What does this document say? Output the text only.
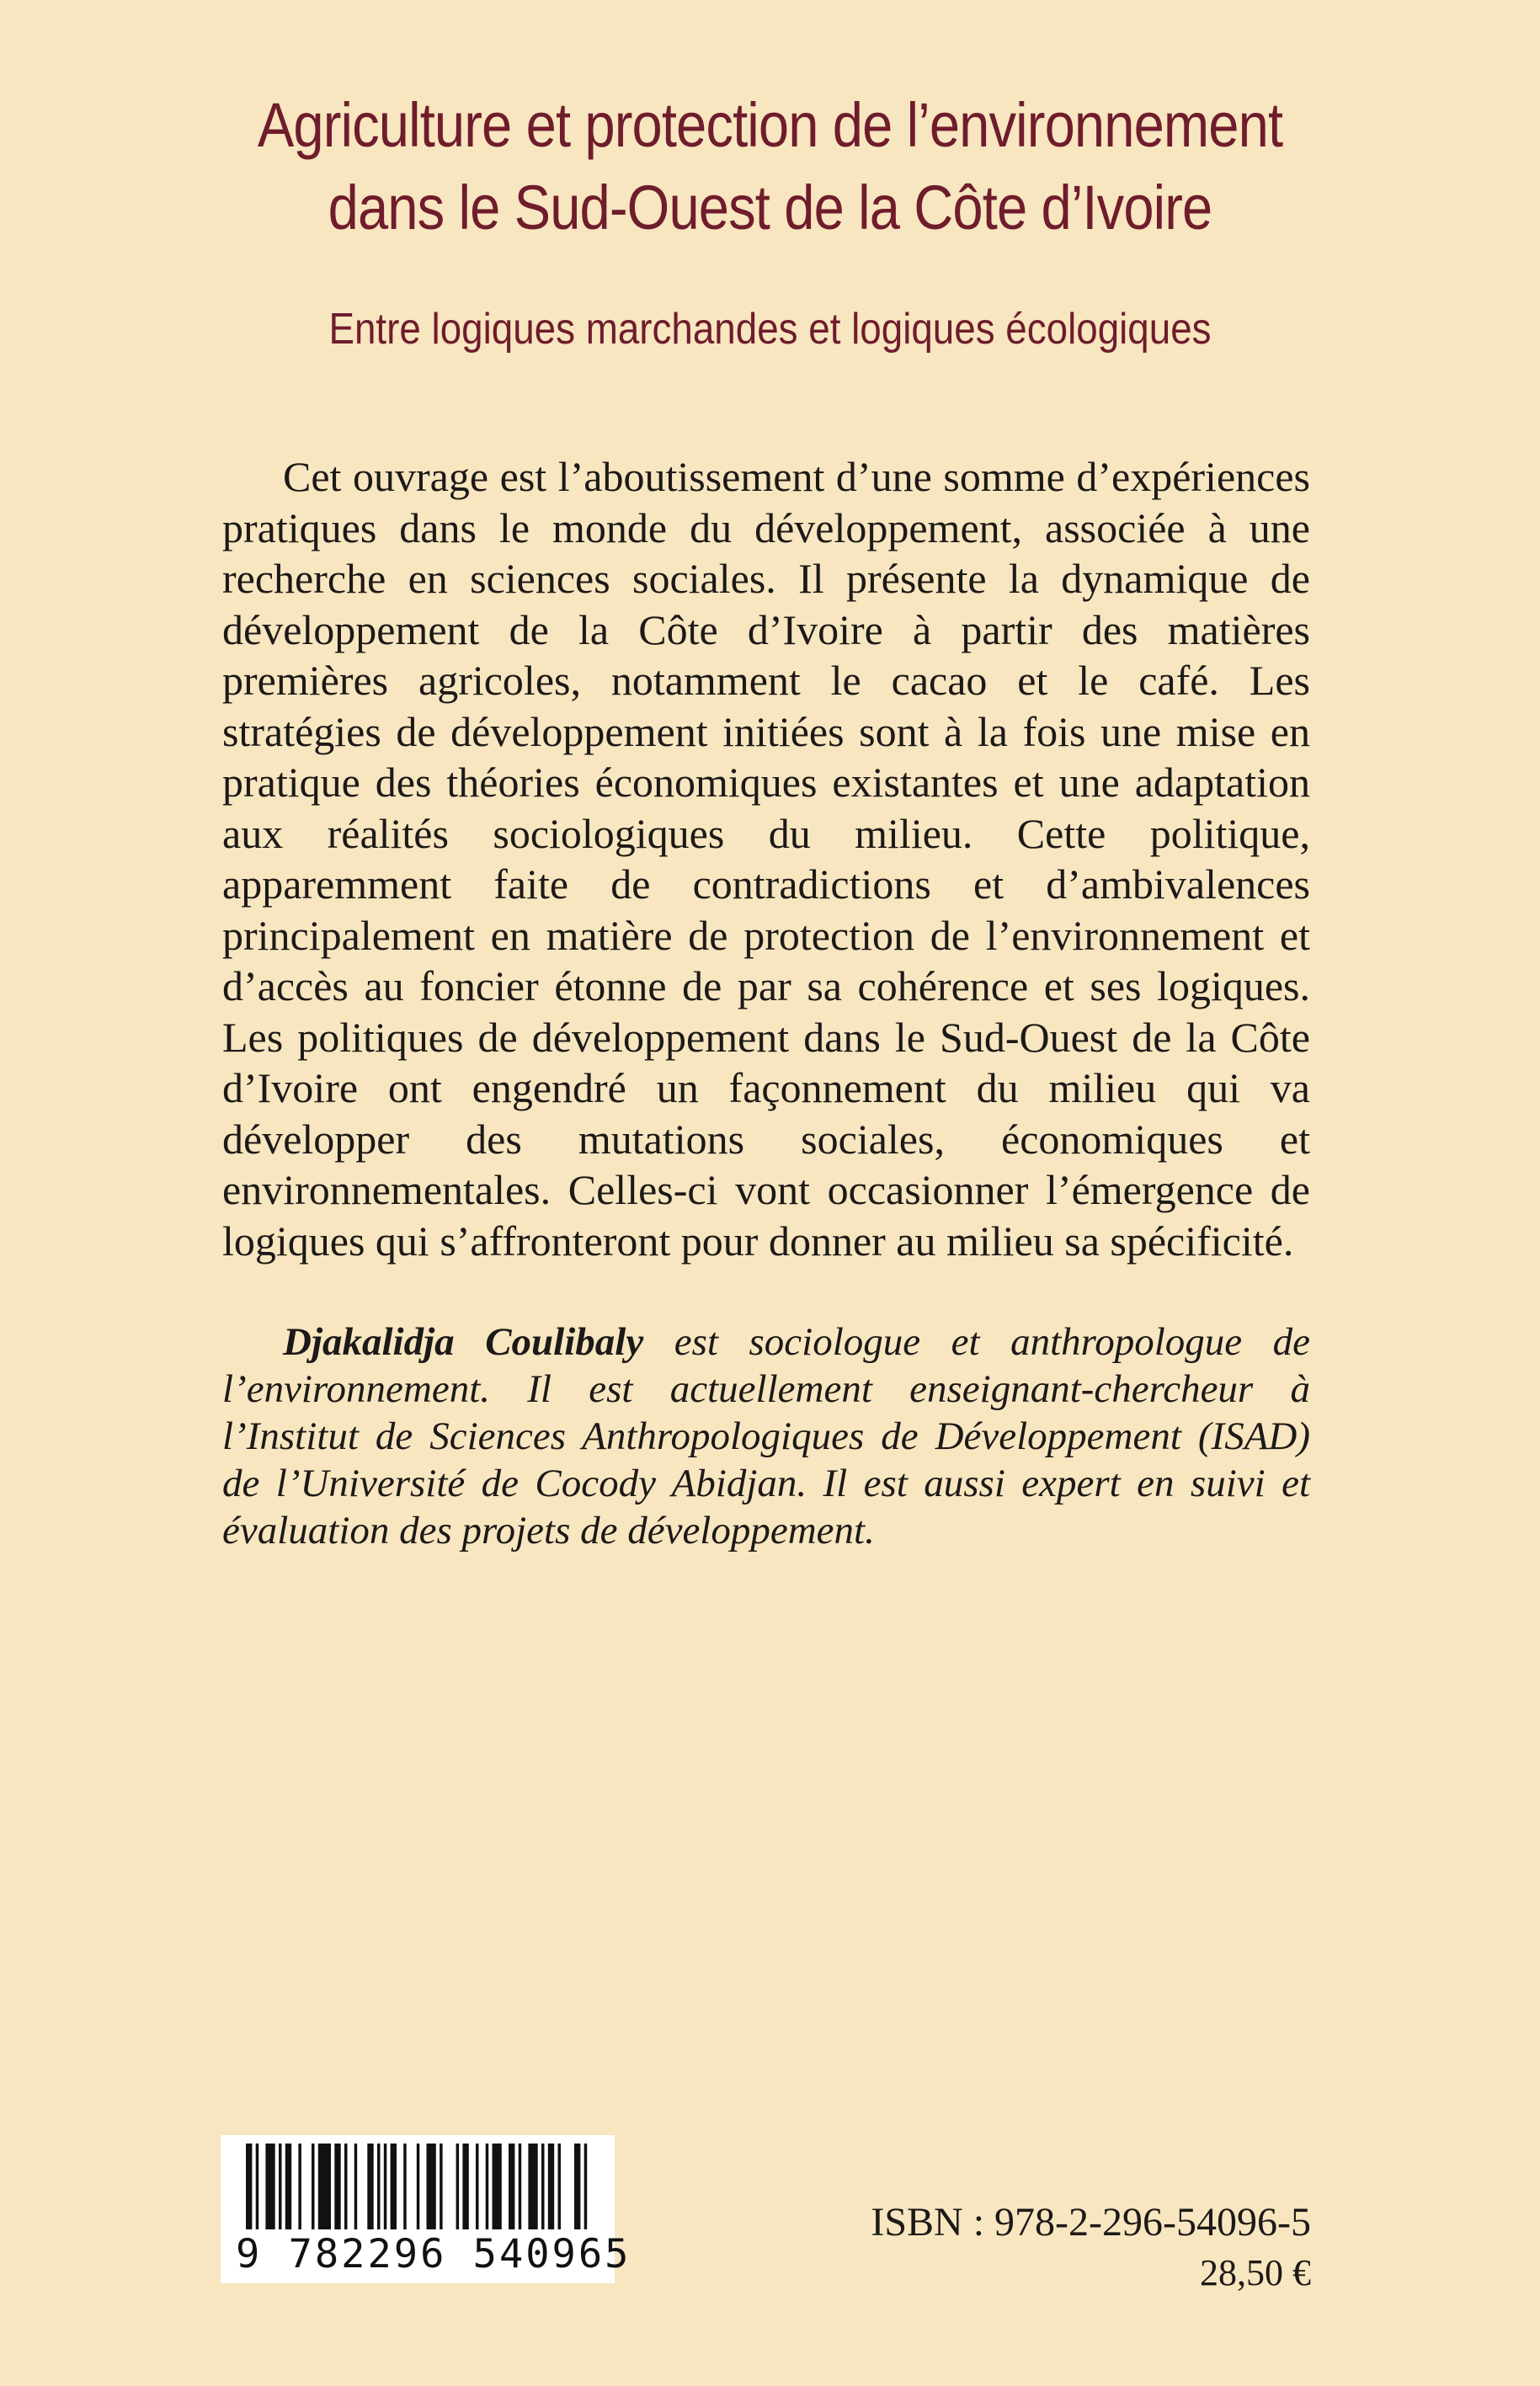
Agriculture et protection de l’environnement
dans le Sud-Ouest de la Côte d’Ivoire
Entre logiques marchandes et logiques écologiques

Cet ouvrage est l’aboutissement d’une somme d’expériences pratiques dans le monde du développement, associée à une recherche en sciences sociales. Il présente la dynamique de développement de la Côte d’Ivoire à partir des matières premières agricoles, notamment le cacao et le café. Les stratégies de développement initiées sont à la fois une mise en pratique des théories économiques existantes et une adaptation aux réalités sociologiques du milieu. Cette politique, apparemment faite de contradictions et d’ambivalences principalement en matière de protection de l’environnement et d’accès au foncier étonne de par sa cohérence et ses logiques. Les politiques de développement dans le Sud-Ouest de la Côte d’Ivoire ont engendré un façonnement du milieu qui va développer des mutations sociales, économiques et environnementales. Celles-ci vont occasionner l’émergence de logiques qui s’affronteront pour donner au milieu sa spécificité.

Djakalidja Coulibaly est sociologue et anthropologue de l’environnement. Il est actuellement enseignant-chercheur à l’Institut de Sciences Anthropologiques de Développement (ISAD) de l’Université de Cocody Abidjan. Il est aussi expert en suivi et évaluation des projets de développement.

9 782296 540965
ISBN : 978-2-296-54096-5
28,50 €
